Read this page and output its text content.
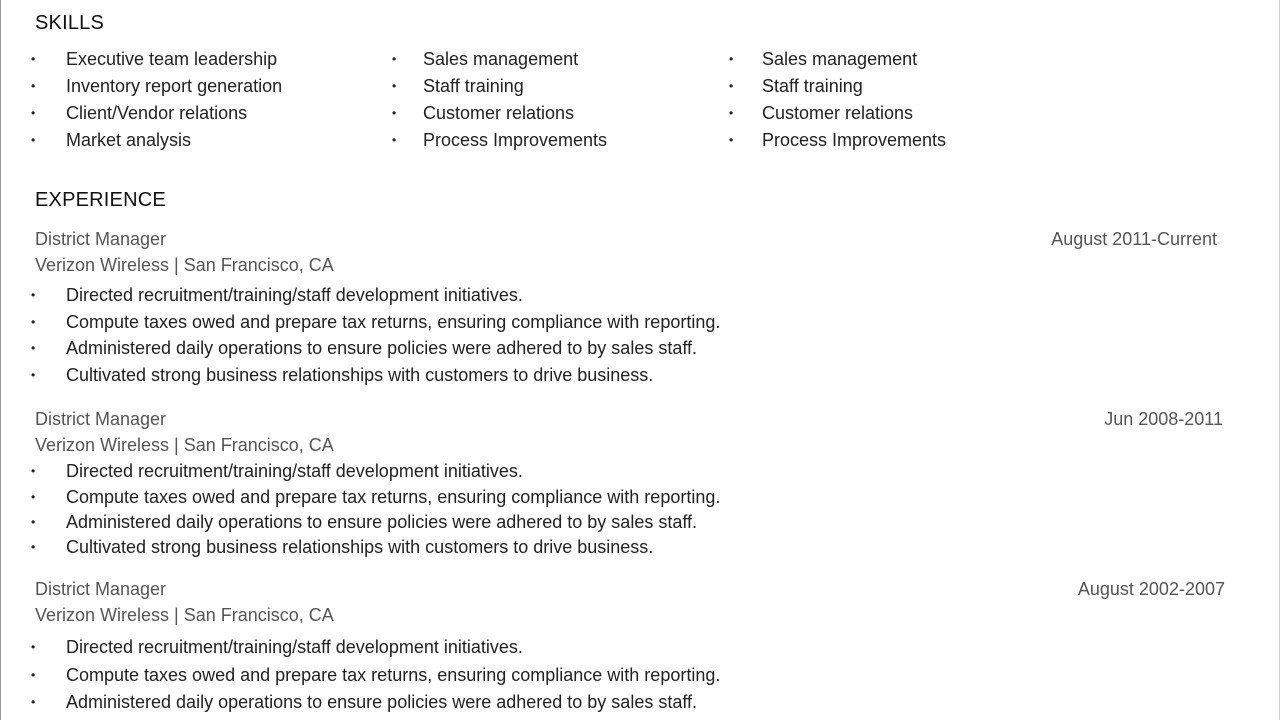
SKILLS
• Executive team leadership
• Inventory report generation
• Client/Vendor relations
• Market analysis
• Sales management
• Staff training
• Customer relations
• Process Improvements
• Sales management
• Staff training
• Customer relations
• Process Improvements
EXPERIENCE
District Manager	August 2011-Current
Verizon Wireless | San Francisco, CA
• Directed recruitment/training/staff development initiatives.
• Compute taxes owed and prepare tax returns, ensuring compliance with reporting.
• Administered daily operations to ensure policies were adhered to by sales staff.
• Cultivated strong business relationships with customers to drive business.
District Manager	Jun 2008-2011
Verizon Wireless | San Francisco, CA
• Directed recruitment/training/staff development initiatives.
• Compute taxes owed and prepare tax returns, ensuring compliance with reporting.
• Administered daily operations to ensure policies were adhered to by sales staff.
• Cultivated strong business relationships with customers to drive business.
District Manager	August 2002-2007
Verizon Wireless | San Francisco, CA
• Directed recruitment/training/staff development initiatives.
• Compute taxes owed and prepare tax returns, ensuring compliance with reporting.
• Administered daily operations to ensure policies were adhered to by sales staff.
